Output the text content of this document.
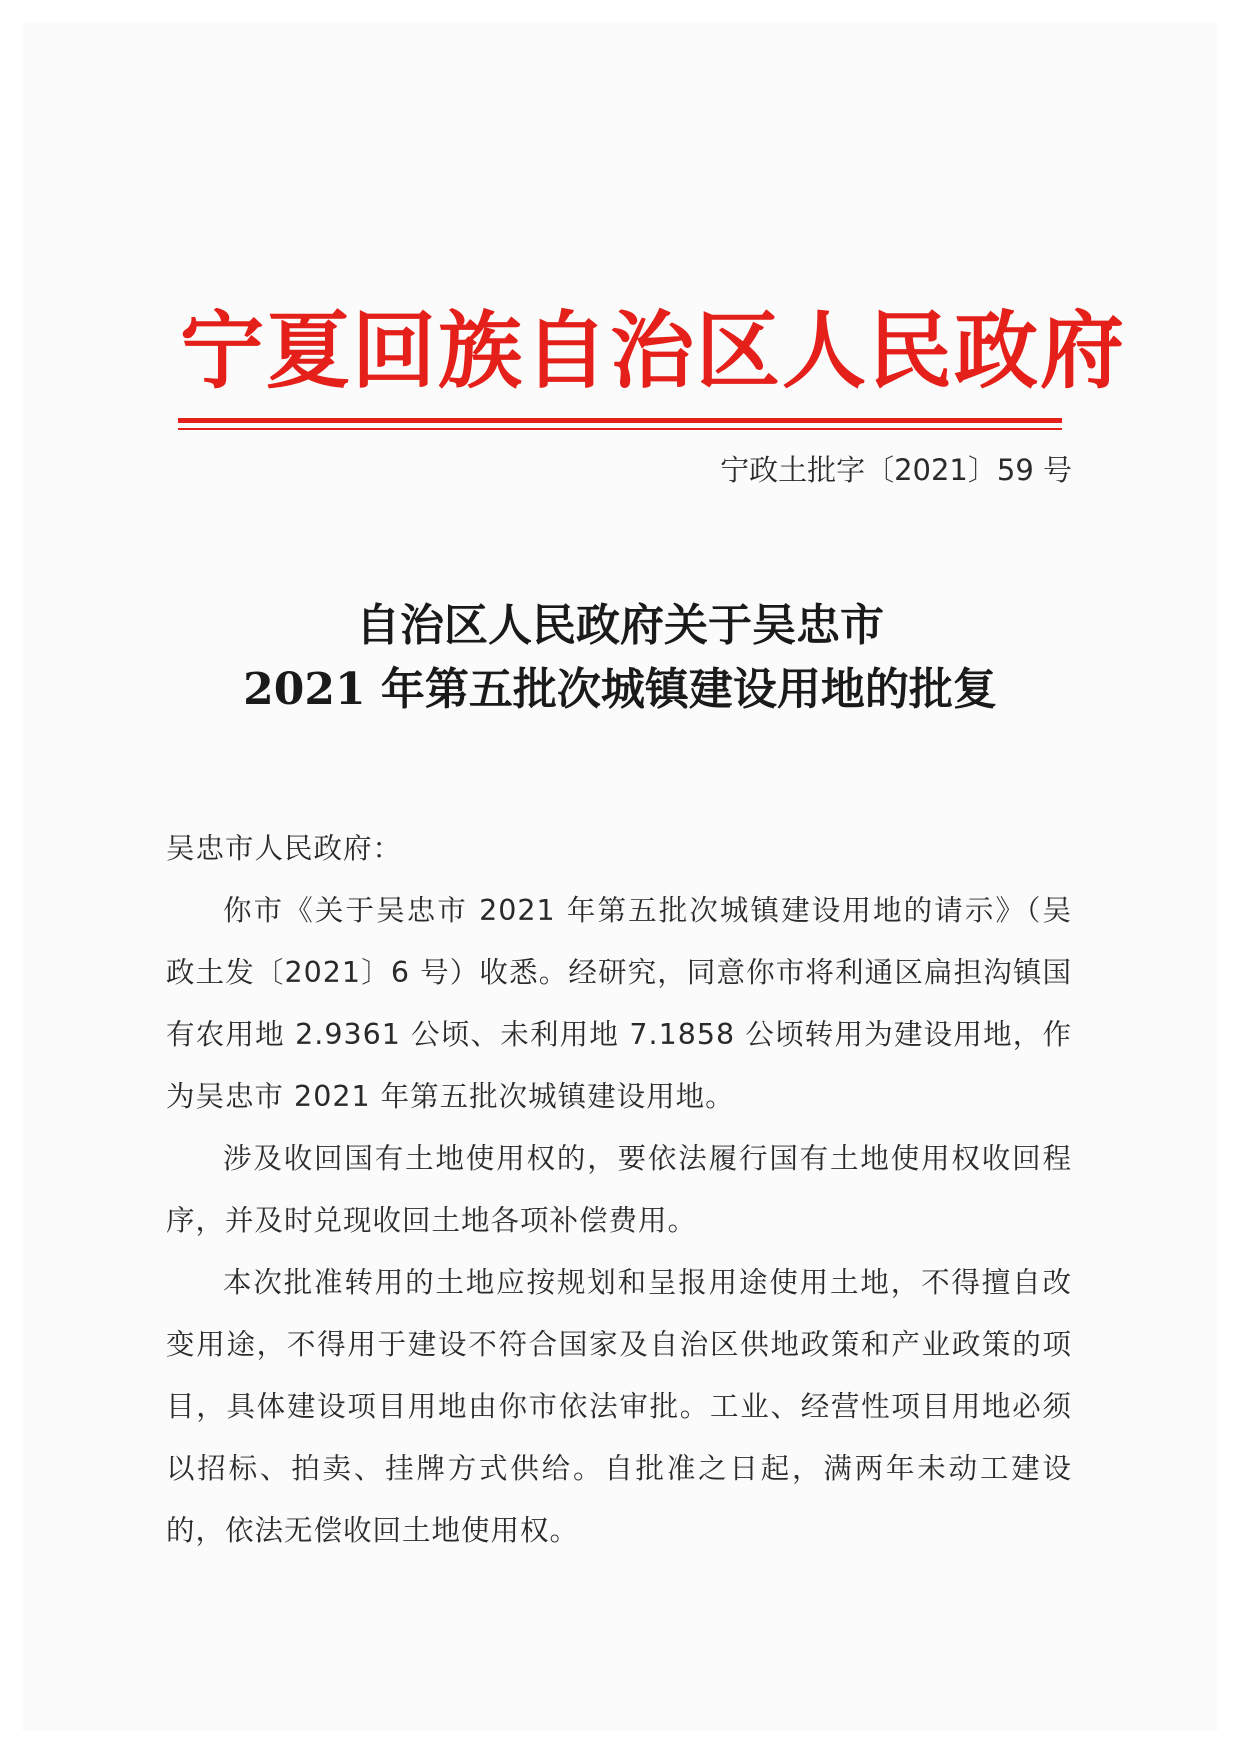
宁夏回族自治区人民政府
宁政土批字〔2021〕59 号
自治区人民政府关于吴忠市
2021 年第五批次城镇建设用地的批复

吴忠市人民政府：

你市《关于吴忠市 2021 年第五批次城镇建设用地的请示》（吴政土发〔2021〕6 号）收悉。经研究，同意你市将利通区扁担沟镇国有农用地 2.9361 公顷、未利用地 7.1858 公顷转用为建设用地，作为吴忠市 2021 年第五批次城镇建设用地。

涉及收回国有土地使用权的，要依法履行国有土地使用权收回程序，并及时兑现收回土地各项补偿费用。

本次批准转用的土地应按规划和呈报用途使用土地，不得擅自改变用途，不得用于建设不符合国家及自治区供地政策和产业政策的项目，具体建设项目用地由你市依法审批。工业、经营性项目用地必须以招标、拍卖、挂牌方式供给。自批准之日起，满两年未动工建设的，依法无偿收回土地使用权。
